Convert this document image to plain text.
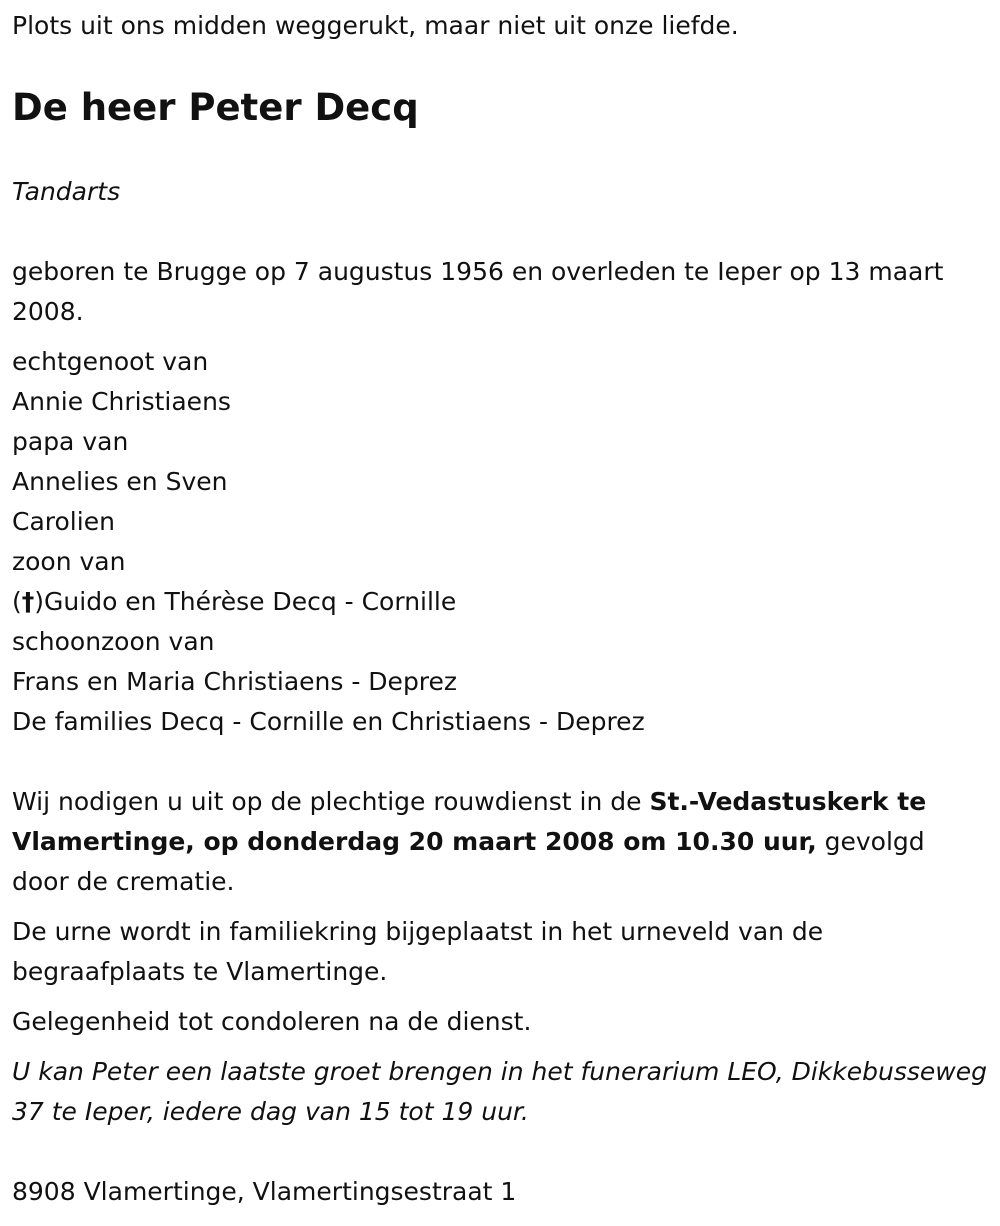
Plots uit ons midden weggerukt, maar niet uit onze liefde.

De heer Peter Decq

Tandarts

geboren te Brugge op 7 augustus 1956 en overleden te Ieper op 13 maart 2008.

echtgenoot van
Annie Christiaens
papa van
Annelies en Sven
Carolien
zoon van
(†)Guido en Thérèse Decq - Cornille
schoonzoon van
Frans en Maria Christiaens - Deprez
De families Decq - Cornille en Christiaens - Deprez

Wij nodigen u uit op de plechtige rouwdienst in de St.-Vedastuskerk te Vlamertinge, op donderdag 20 maart 2008 om 10.30 uur, gevolgd door de crematie.

De urne wordt in familiekring bijgeplaatst in het urneveld van de begraafplaats te Vlamertinge.

Gelegenheid tot condoleren na de dienst.

U kan Peter een laatste groet brengen in het funerarium LEO, Dikkebusseweg 37 te Ieper, iedere dag van 15 tot 19 uur.

8908 Vlamertinge, Vlamertingsestraat 1
